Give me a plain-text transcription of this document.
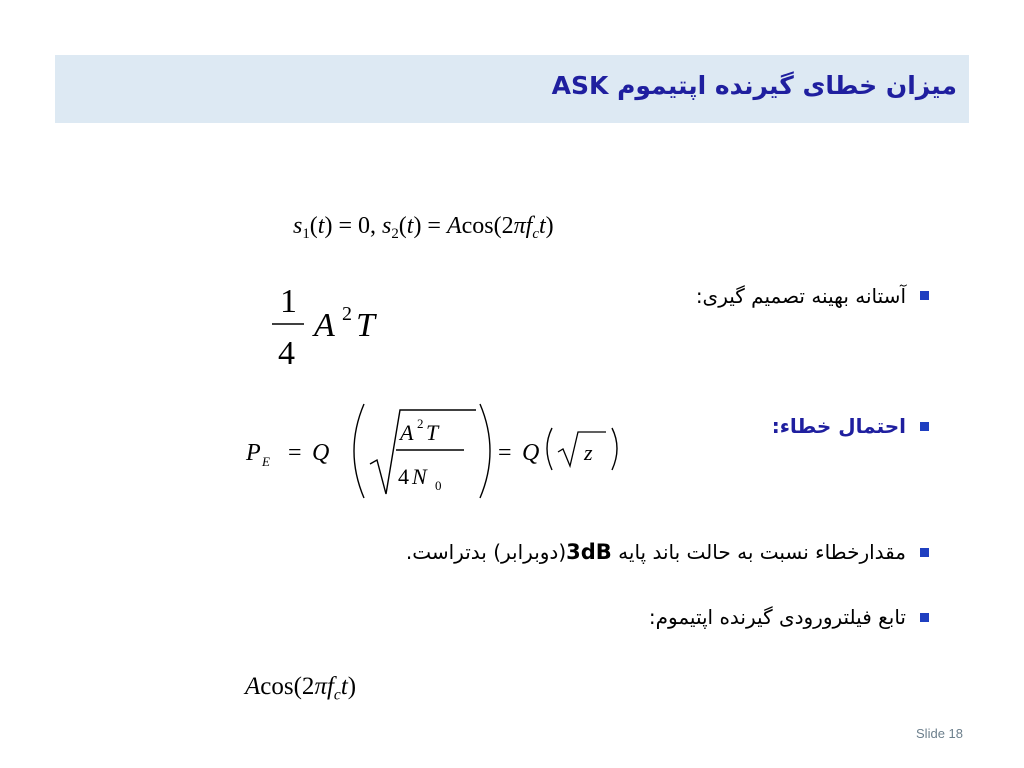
میزان خطای گیرنده اپتیموم ASK
$s_1(t) = 0$, $s_2(t) = Acos(2\pi f_ct)$
آستانه بهینه تصمیم گیری:
1
4
A 2 T
احتمال خطاء:
P E = Q
A 2 T
4 N 0
= Q z
مقدارخطاء نسبت به حالت باند پایه 3dB(دوبرابر) بدتراست.
تابع فیلترورودی گیرنده اپتیموم:
$Acos(2\pi f_ct)$
Slide 18
